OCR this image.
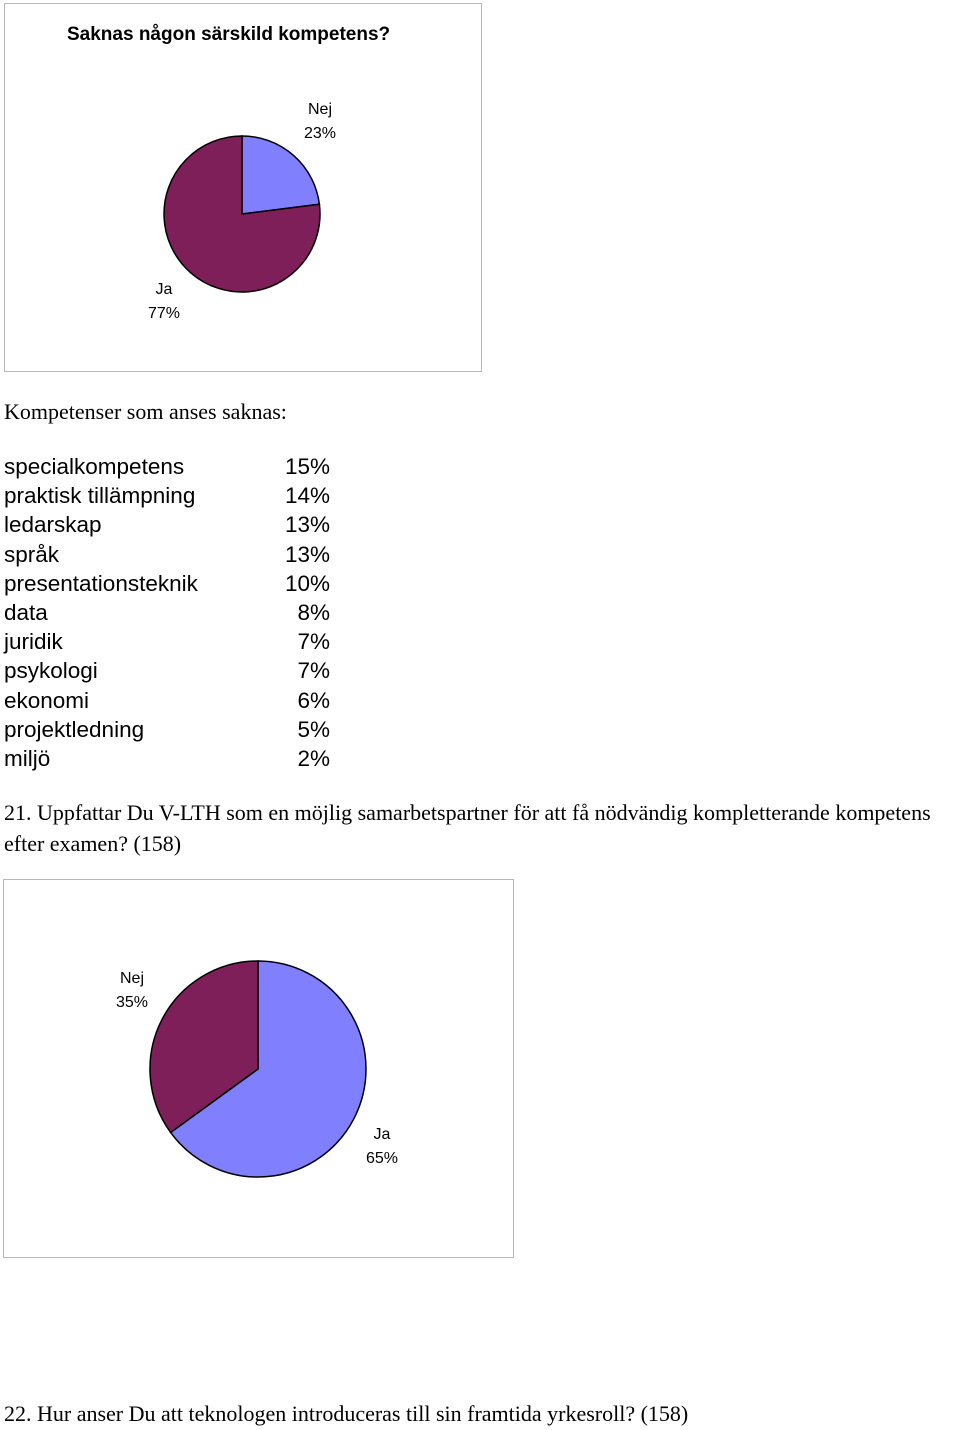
Saknas någon särskild kompetens?
Nej
23%
Ja
77%
Kompetenser som anses saknas:
specialkompetens	15%
praktisk tillämpning	14%
ledarskap	13%
språk	13%
presentationsteknik	10%
data	8%
juridik	7%
psykologi	7%
ekonomi	6%
projektledning	5%
miljö	2%
21. Uppfattar Du V-LTH som en möjlig samarbetspartner för att få nödvändig kompletterande kompetens efter examen? (158)
Ja
65%
Nej
35%
22. Hur anser Du att teknologen introduceras till sin framtida yrkesroll? (158)
